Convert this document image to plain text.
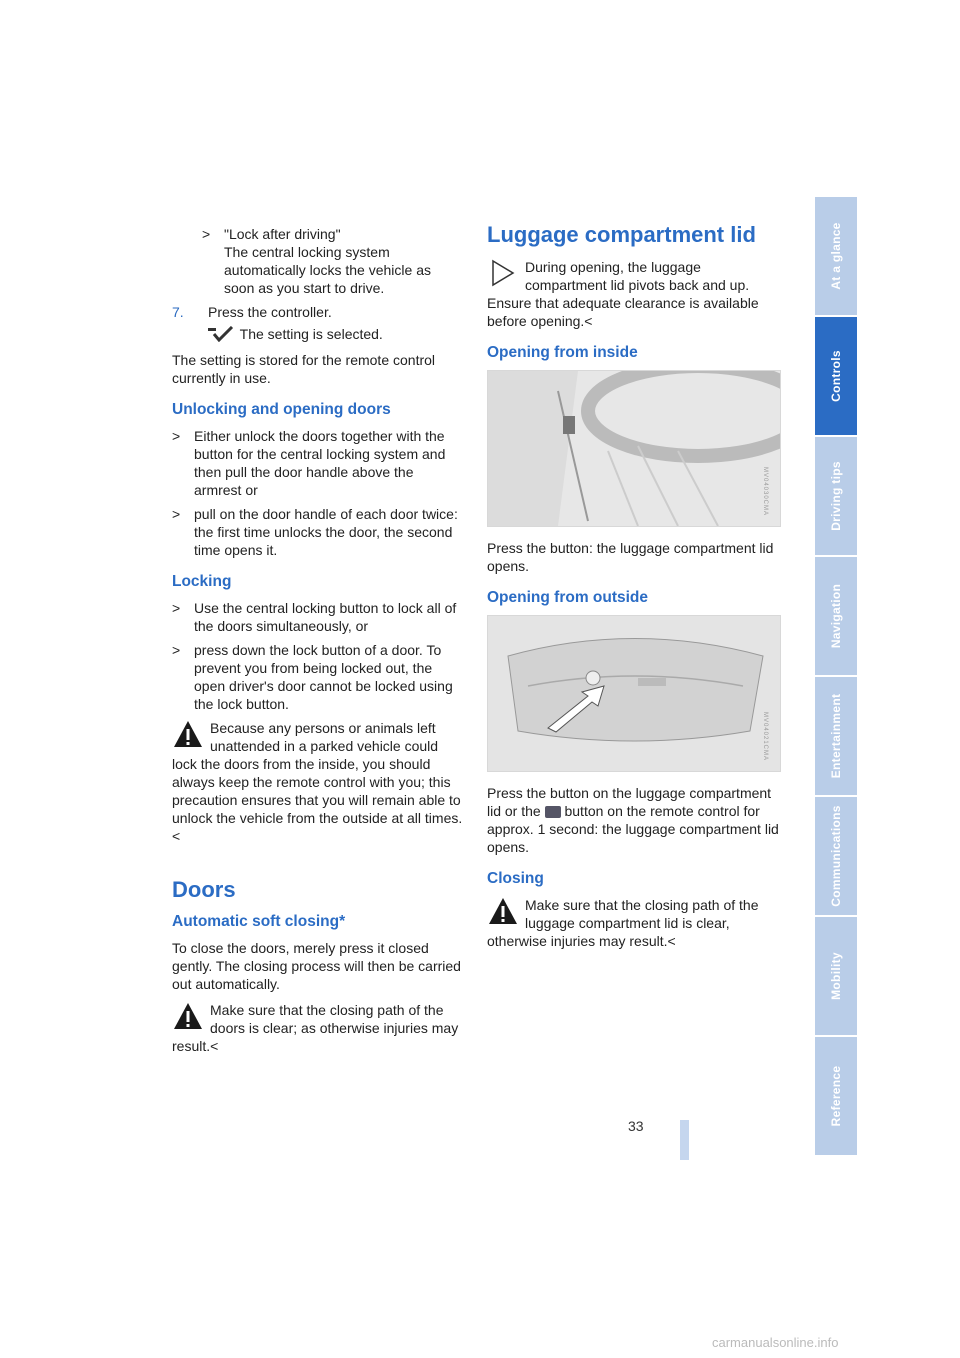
> "Lock after driving"
The central locking system automatically locks the vehicle as soon as you start to drive.
7.	Press the controller.
The setting is selected.

The setting is stored for the remote control currently in use.

Unlocking and opening doors
> Either unlock the doors together with the button for the central locking system and then pull the door handle above the armrest or
> pull on the door handle of each door twice: the first time unlocks the door, the second time opens it.
Locking
> Use the central locking button to lock all of the doors simultaneously, or
> press down the lock button of a door. To prevent you from being locked out, the open driver's door cannot be locked using the lock button.
Because any persons or animals left unattended in a parked vehicle could lock the doors from the inside, you should always keep the remote control with you; this precaution ensures that you will remain able to unlock the vehicle from the outside at all times.<
Doors
Automatic soft closing*

To close the doors, merely press it closed gently. The closing process will then be carried out automatically.

Make sure that the closing path of the doors is clear; as otherwise injuries may result.<
Luggage compartment lid
During opening, the luggage compartment lid pivots back and up. Ensure that adequate clearance is available before opening.<
Opening from inside
MV04030CMA

Press the button: the luggage compartment lid opens.

Opening from outside
MV04021CMA

Press the button on the luggage compartment lid or the button on the remote control for approx. 1 second: the luggage compartment lid opens.

Closing
Make sure that the closing path of the luggage compartment lid is clear, otherwise injuries may result.<
At a glance
Controls
Driving tips
Navigation
Entertainment
Communications
Mobility
Reference
33
carmanualsonline.info
